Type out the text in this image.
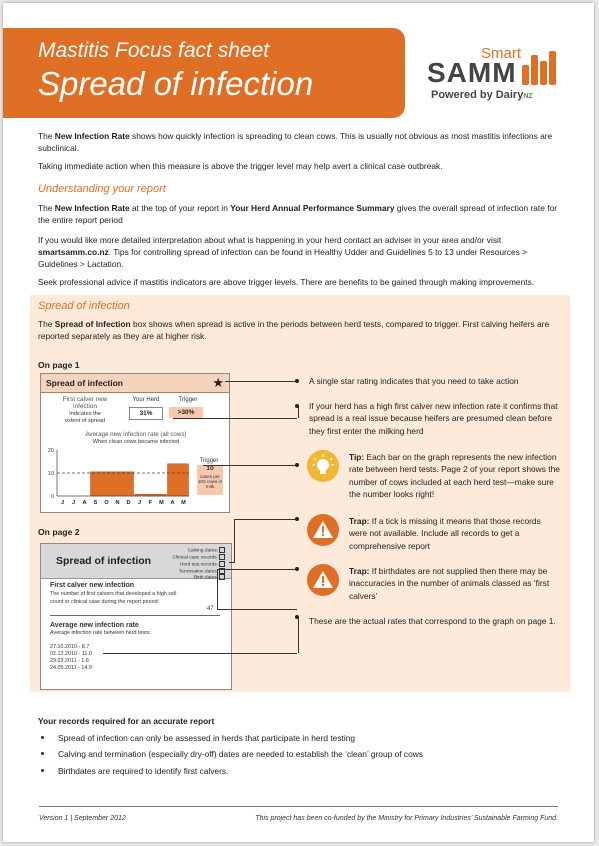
Mastitis Focus fact sheet
Spread of infection
Smart
SAMM
Powered by DairyNZ
The New Infection Rate shows how quickly infection is spreading to clean cows. This is usually not obvious as most mastitis infections are subclinical.
Taking immediate action when this measure is above the trigger level may help avert a clinical case outbreak.
Understanding your report
The New Infection Rate at the top of your report in Your Herd Annual Performance Summary gives the overall spread of infection rate for the entire report period
If you would like more detailed interpretation about what is happening in your herd contact an adviser in your area and/or visit smartsamm.co.nz. Tips for controlling spread of infection can be found in Healthy Udder and Guidelines 5 to 13 under Resources > Guidelines > Lactation.
Seek professional advice if mastitis indicators are above trigger levels. There are benefits to be gained through making improvements.
Spread of infection
The Spread of Infection box shows when spread is active in the periods between herd tests, compared to trigger. First calving heifers are reported separately as they are at higher risk.
On page 1
Spread of infection	★
First calver new infection
Indicates the extent of spread
Your Herd	Trigger
31%	>30%
Average new infection rate (all cows)
When clean cows became infected
0
10
20
J J A S O N D J F M A M
Trigger
10
cases per 100 cows in milk
On page 2
Spread of infection
Calving dates:
Clinical case records:
Herd test records:
Termination dates:
Birth dates:
First calver new infection
The number of first calvers that developed a high cell count or clinical case during the report period:
47
Average new infection rate
Average infection rate between herd tests:
27.10.2010 - 8.7
02.12.2010 - 11.0
29.03.2011 - 1.6
24.05.2011 - 14.9
A single star rating indicates that you need to take action
If your herd has a high first calver new infection rate it confirms that spread is a real issue because heifers are presumed clean before they first enter the milking herd
Tip: Each bar on the graph represents the new infection rate between herd tests. Page 2 of your report shows the number of cows included at each herd test—make sure the number looks right!
Trap: If a tick is missing it means that those records were not available. Include all records to get a comprehensive report
Trap: If birthdates are not supplied then there may be inaccuracies in the number of animals classed as ‘first calvers’
These are the actual rates that correspond to the graph on page 1.
Your records required for an accurate report
Spread of infection can only be assessed in herds that participate in herd testing
Calving and termination (especially dry-off) dates are needed to establish the ‘clean’ group of cows
Birthdates are required to identify first calvers.
Version 1 | September 2012	This project has been co-funded by the Ministry for Primary Industries’ Sustainable Farming Fund.
